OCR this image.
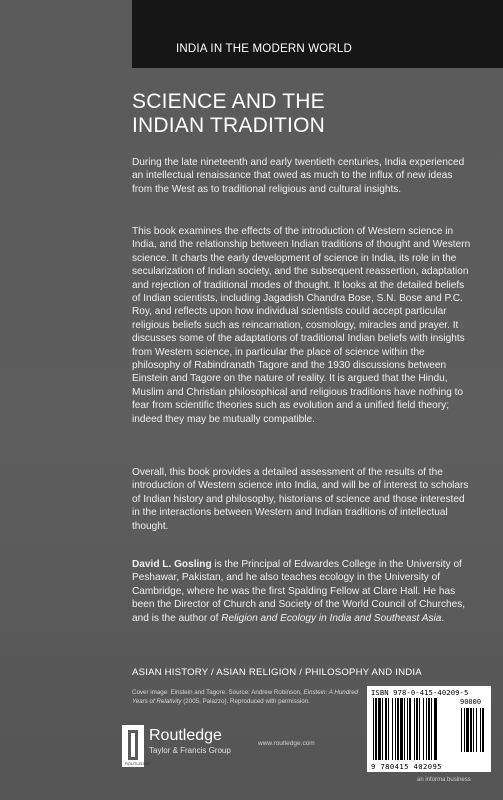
INDIA IN THE MODERN WORLD
SCIENCE AND THE
INDIAN TRADITION

During the late nineteenth and early twentieth centuries, India experienced an intellectual renaissance that owed as much to the influx of new ideas from the West as to traditional religious and cultural insights.

This book examines the effects of the introduction of Western science in India, and the relationship between Indian traditions of thought and Western science. It charts the early development of science in India, its role in the secularization of Indian society, and the subsequent reassertion, adaptation and rejection of traditional modes of thought. It looks at the detailed beliefs of Indian scientists, including Jagadish Chandra Bose, S.N. Bose and P.C. Roy, and reflects upon how individual scientists could accept particular religious beliefs such as reincarnation, cosmology, miracles and prayer. It discusses some of the adaptations of traditional Indian beliefs with insights from Western science, in particular the place of science within the philosophy of Rabindranath Tagore and the 1930 discussions between Einstein and Tagore on the nature of reality. It is argued that the Hindu, Muslim and Christian philosophical and religious traditions have nothing to fear from scientific theories such as evolution and a unified field theory; indeed they may be mutually compatible.

Overall, this book provides a detailed assessment of the results of the introduction of Western science into India, and will be of interest to scholars of Indian history and philosophy, historians of science and those interested in the interactions between Western and Indian traditions of intellectual thought.

David L. Gosling is the Principal of Edwardes College in the University of Peshawar, Pakistan, and he also teaches ecology in the University of Cambridge, where he was the first Spalding Fellow at Clare Hall. He has been the Director of Church and Society of the World Council of Churches, and is the author of Religion and Ecology in India and Southeast Asia.

ASIAN HISTORY / ASIAN RELIGION / PHILOSOPHY AND INDIA

Cover image: Einstein and Tagore. Source: Andrew Robinson, Einstein: A Hundred Years of Relativity (2005, Palazzo). Reproduced with permission.

ROUTLEDGE
Routledge
Taylor & Francis Group
www.routledge.com
ISBN 978-0-415-40209-5
90000
9 780415 402095
an informa business
